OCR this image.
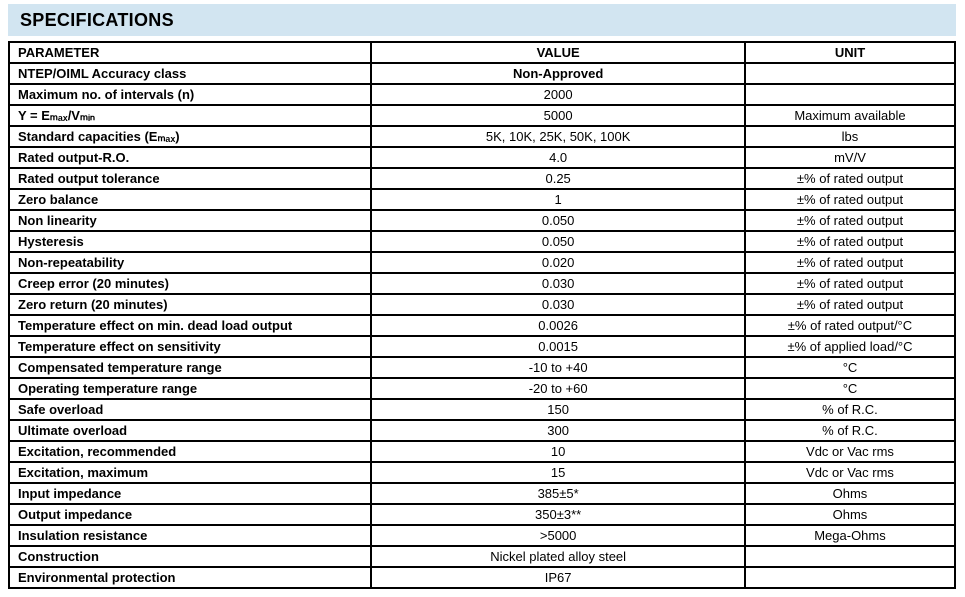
SPECIFICATIONS
PARAMETER	VALUE	UNIT
NTEP/OIML Accuracy class	Non-Approved	
Maximum no. of intervals (n)	2000	
Y = Eₘₐₓ/Vₘᵢₙ	5000	Maximum available
Standard capacities (Eₘₐₓ)	5K, 10K, 25K, 50K, 100K	lbs
Rated output-R.O.	4.0	mV/V
Rated output tolerance	0.25	±% of rated output
Zero balance	1	±% of rated output
Non linearity	0.050	±% of rated output
Hysteresis	0.050	±% of rated output
Non-repeatability	0.020	±% of rated output
Creep error (20 minutes)	0.030	±% of rated output
Zero return (20 minutes)	0.030	±% of rated output
Temperature effect on min. dead load output	0.0026	±% of rated output/°C
Temperature effect on sensitivity	0.0015	±% of applied load/°C
Compensated temperature range	-10 to +40	°C
Operating temperature range	-20 to +60	°C
Safe overload	150	% of R.C.
Ultimate overload	300	% of R.C.
Excitation, recommended	10	Vdc or Vac rms
Excitation, maximum	15	Vdc or Vac rms
Input impedance	385±5*	Ohms
Output impedance	350±3**	Ohms
Insulation resistance	>5000	Mega-Ohms
Construction	Nickel plated alloy steel	
Environmental protection	IP67	
